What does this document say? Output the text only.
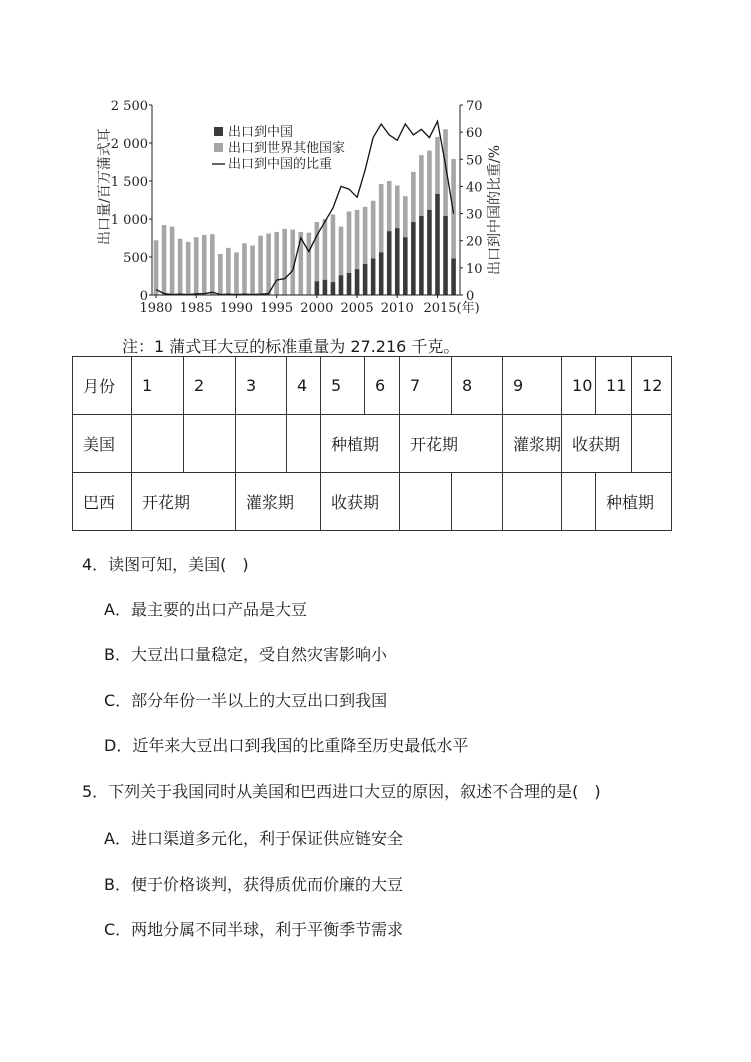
0
500
1 000
1 500
2 000
2 500
0
10
20
30
40
50
60
70
1980 1985 1990 1995 2000 2005 2010 2015(年)
出口量/百万蒲式耳	出口到中国的比重/%
出口到中国
出口到世界其他国家
出口到中国的比重
注：1 蒲式耳大豆的标准重量为 27.216 千克。
月份	1	2	3	4	5	6	7	8	9	10	11	12
美国					种植期		开花期		灌浆期	收获期		
巴西	开花期		灌浆期		收获期						种植期	
4．读图可知，美国(　)
A．最主要的出口产品是大豆
B．大豆出口量稳定，受自然灾害影响小
C．部分年份一半以上的大豆出口到我国
D．近年来大豆出口到我国的比重降至历史最低水平
5．下列关于我国同时从美国和巴西进口大豆的原因，叙述不合理的是(　)
A．进口渠道多元化，利于保证供应链安全
B．便于价格谈判，获得质优而价廉的大豆
C．两地分属不同半球，利于平衡季节需求
